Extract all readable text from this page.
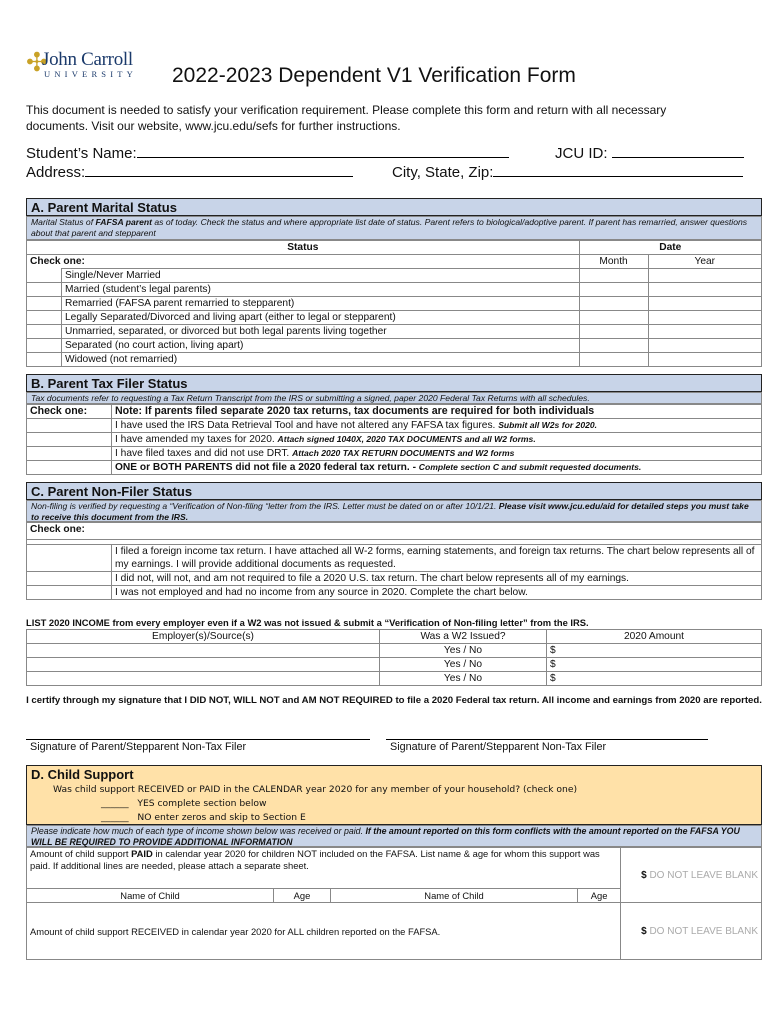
✣
John Carroll
UNIVERSITY 2022-2023 Dependent V1 Verification Form
This document is needed to satisfy your verification requirement. Please complete this form and return with all necessary documents. Visit our website, www.jcu.edu/sefs for further instructions.
Student’s Name:	JCU ID:
Address:	City, State, Zip:
A. Parent Marital Status
Marital Status of FAFSA parent as of today. Check the status and where appropriate list date of status. Parent refers to biological/adoptive parent. If parent has remarried, answer questions about that parent and stepparent
Status		Date	
Check one:		Month	Year
	Single/Never Married		
	Married (student’s legal parents)		
	Remarried (FAFSA parent remarried to stepparent)		
	Legally Separated/Divorced and living apart (either to legal or stepparent)		
	Unmarried, separated, or divorced but both legal parents living together		
	Separated (no court action, living apart)		
	Widowed (not remarried)		
B. Parent Tax Filer Status
Tax documents refer to requesting a Tax Return Transcript from the IRS or submitting a signed, paper 2020 Federal Tax Returns with all schedules.
Check one:	Note: If parents filed separate 2020 tax returns, tax documents are required for both individuals
	I have used the IRS Data Retrieval Tool and have not altered any FAFSA tax figures. Submit all W2s for 2020.
	I have amended my taxes for 2020. Attach signed 1040X, 2020 TAX DOCUMENTS and all W2 forms.
	I have filed taxes and did not use DRT. Attach 2020 TAX RETURN DOCUMENTS and W2 forms
	ONE or BOTH PARENTS did not file a 2020 federal tax return. - Complete section C and submit requested documents.
C. Parent Non-Filer Status
Non-filing is verified by requesting a “Verification of Non-filing “letter from the IRS. Letter must be dated on or after 10/1/21. Please visit www.jcu.edu/aid for detailed steps you must take to receive this document from the IRS.
Check one:	

	I filed a foreign income tax return. I have attached all W-2 forms, earning statements, and foreign tax returns. The chart below represents all of my earnings. I will provide additional documents as requested.
	I did not, will not, and am not required to file a 2020 U.S. tax return. The chart below represents all of my earnings.
	I was not employed and had no income from any source in 2020. Complete the chart below.
LIST 2020 INCOME from every employer even if a W2 was not issued & submit a “Verification of Non-filing letter” from the IRS.
Employer(s)/Source(s)	Was a W2 Issued?	2020 Amount
	Yes / No	$
	Yes / No	$
	Yes / No	$
I certify through my signature that I DID NOT, WILL NOT and AM NOT REQUIRED to file a 2020 Federal tax return. All income and earnings from 2020 are reported.
Signature of Parent/Stepparent Non-Tax Filer	Signature of Parent/Stepparent Non-Tax Filer
D. Child Support
Was child support RECEIVED or PAID in the CALENDAR year 2020 for any member of your household? (check one)
______ YES complete section below
______ NO enter zeros and skip to Section E
Please indicate how much of each type of income shown below was received or paid. If the amount reported on this form conflicts with the amount reported on the FAFSA YOU WILL BE REQUIRED TO PROVIDE ADDITIONAL INFORMATION
Amount of child support PAID in calendar year 2020 for children NOT included on the FAFSA. List name & age for whom this support was paid. If additional lines are needed, please attach a separate sheet.				$ DO NOT LEAVE BLANK
Name of Child	Age	Name of Child	Age	
Amount of child support RECEIVED in calendar year 2020 for ALL children reported on the FAFSA.				$ DO NOT LEAVE BLANK
